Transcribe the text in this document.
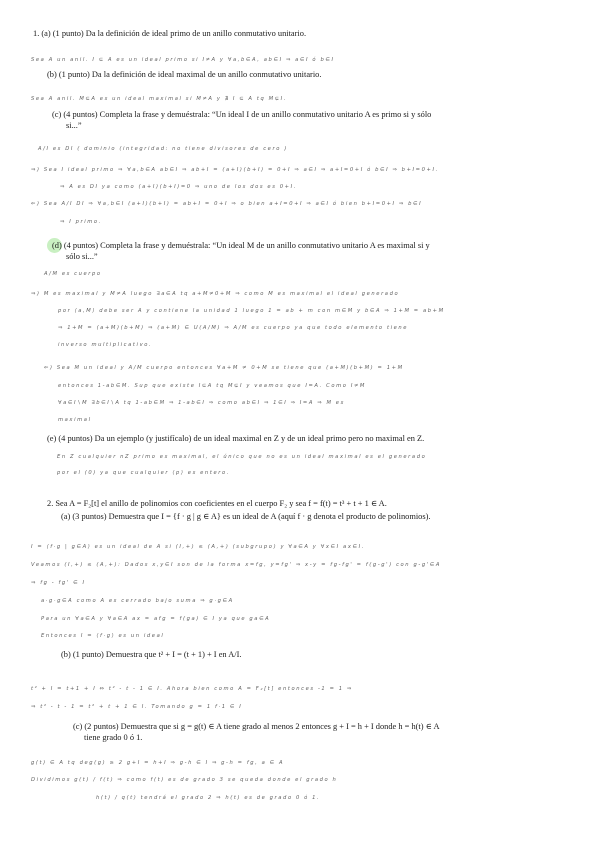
1. (a) (1 punto) Da la definición de ideal primo de un anillo conmutativo unitario.
Sea A un anil. I ⊆ A es un ideal primo si I≠A y ∀a,b∈A, ab∈I ⇒ a∈I ó b∈I
(b) (1 punto) Da la definición de ideal maximal de un anillo conmutativo unitario.
Sea A anil. M⊆A es un ideal maximal si M≠A y ∄ I ⊆ A tq M⊊I.
(c) (4 puntos) Completa la frase y demuéstrala: “Un ideal I de un anillo conmutativo unitario A es primo si y sólo
si...”
A/I es DI ( dominio (integridad: no tiene divisores de cero )
⇒) Sea I ideal primo ⇒ ∀a,b∈A ab∈I ⇒ ab+I = (a+I)(b+I) = 0+I ⇒ a∈I ⇒ a+I=0+I ó b∈I ⇒ b+I=0+I.
⇒ A es DI ya como (a+I)(b+I)=0 ⇒ uno de los dos es 0+I.
⇐) Sea A/I DI ⇒ ∀a,b∈I (a+I)(b+I) = ab+I = 0+I ⇒ o bien a+I=0+I ⇒ a∈I ó bien b+I=0+I ⇒ b∈I
⇒ I primo.
(d) (4 puntos) Completa la frase y demuéstrala: “Un ideal M de un anillo conmutativo unitario A es maximal si y
sólo si...”
A/M es cuerpo
⇒) M es maximal y M≠A luego ∃a∈A tq a+M≠0+M ⇒ como M es maximal el ideal generado
por ⟨a,M⟩ debe ser A y contiene la unidad 1 luego 1 = ab + m con m∈M y b∈A ⇒ 1+M = ab+M
⇒ 1+M = (a+M)(b+M) ⇒ (a+M) ∈ U(A/M) ⇒ A/M es cuerpo ya que todo elemento tiene
inverso multiplicativo.
⇐) Sea M un ideal y A/M cuerpo entonces ∀a+M ≠ 0+M se tiene que (a+M)(b+M) = 1+M
entonces 1-ab∈M. Sup que existe I⊆A tq M⊊I y veamos que I=A. Como I≠M
∀a∈I∖M ∃b∈I∖A tq 1-ab∈M ⇒ 1-ab∈I ⇒ como ab∈I ⇒ 1∈I ⇒ I=A ⇒ M es
maximal
(e) (4 puntos) Da un ejemplo (y justifícalo) de un ideal maximal en Z y de un ideal primo pero no maximal en Z.
En Z cualquier nZ primo es maximal, el único que no es un ideal maximal es el generado
por el (0) ya que cualquier ⟨p⟩ es entero.
2. Sea A = F₂[t] el anillo de polinomios con coeficientes en el cuerpo F₂ y sea f = f(t) = t³ + t + 1 ∈ A.
(a) (3 puntos) Demuestra que I = {f · g | g ∈ A} es un ideal de A (aquí f · g denota el producto de polinomios).
I = ⟨f·g | g∈A⟩ es un ideal de A si (I,+) ≤ (A,+) (subgrupo) y ∀a∈A y ∀x∈I ax∈I.
Veamos (I,+) ≤ (A,+): Dados x,y∈I son de la forma x=fg, y=fg' ⇒ x-y = fg-fg' = f(g-g') con g-g'∈A
⇒ fg - fg' ∈ I
a·g·g∈A como A es cerrado bajo suma ⇒ g·g∈A
Para un ∀a∈A y ∀a∈A ax = afg = f(ga) ∈ I ya que ga∈A
Entonces I = ⟨f·g⟩ es un ideal
(b) (1 punto) Demuestra que t² + I = (t + 1) + I en A/I.
t² + I = t+1 + I ⇔ t² - t - 1 ∈ I. Ahora bien como A = F₂[t] entonces -1 = 1 ⇒
⇒ t² - t - 1 = t² + t + 1 ∈ I. Tomando g = 1 f·1 ∈ I
(c) (2 puntos) Demuestra que si g = g(t) ∈ A tiene grado al menos 2 entonces g + I = h + I donde h = h(t) ∈ A
tiene grado 0 ó 1.
g(t) ∈ A tq deg(g) ≥ 2 g+I = h+I ⇒ g-h ∈ I ⇒ g-h = fg, a ∈ A
Dividimos g(t) / f(t) ⇒ como f(t) es de grado 3 se queda donde el grado h
h(t) / q(t) tendrá el grado 2 ⇒ h(t) es de grado 0 ó 1.
